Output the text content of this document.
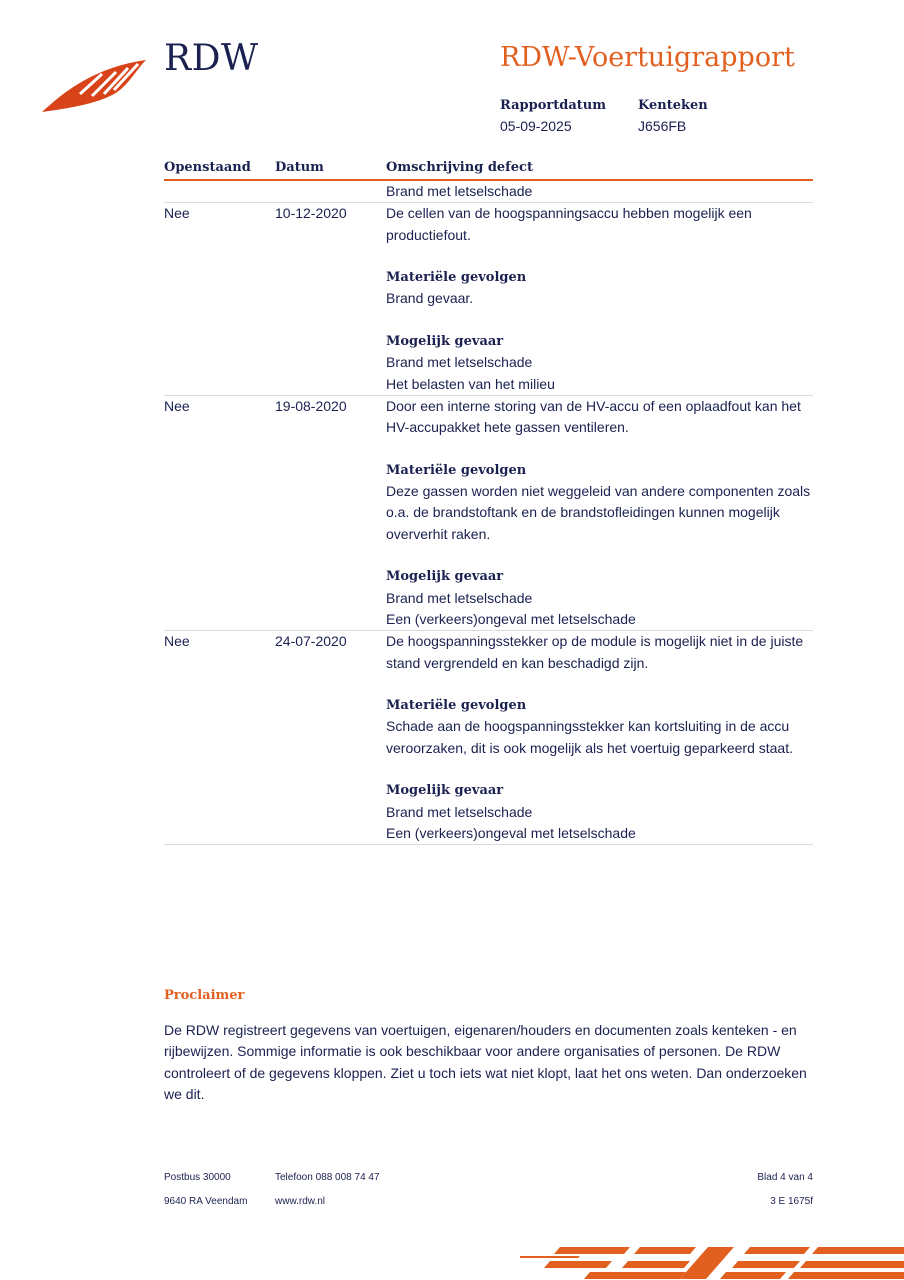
RDW	RDW-Voertuigrapport
Rapportdatum
05-09-2025
Kenteken
J656FB
Openstaand Datum	Omschrijving defect
Brand met letselschade
Nee	10-12-2020	De cellen van de hoogspanningsaccu hebben mogelijk een
productiefout.
Materiële gevolgen
Brand gevaar.
Mogelijk gevaar
Brand met letselschade
Het belasten van het milieu
Nee	19-08-2020	Door een interne storing van de HV-accu of een oplaadfout kan het
HV-accupakket hete gassen ventileren.
Materiële gevolgen
Deze gassen worden niet weggeleid van andere componenten zoals
o.a. de brandstoftank en de brandstofleidingen kunnen mogelijk
oververhit raken.
Mogelijk gevaar
Brand met letselschade
Een (verkeers)ongeval met letselschade
Nee	24-07-2020	De hoogspanningsstekker op de module is mogelijk niet in de juiste
stand vergrendeld en kan beschadigd zijn.
Materiële gevolgen
Schade aan de hoogspanningsstekker kan kortsluiting in de accu
veroorzaken, dit is ook mogelijk als het voertuig geparkeerd staat.
Mogelijk gevaar
Brand met letselschade
Een (verkeers)ongeval met letselschade
Proclaimer

De RDW registreert gegevens van voertuigen, eigenaren/houders en documenten zoals kenteken - en
rijbewijzen. Sommige informatie is ook beschikbaar voor andere organisaties of personen. De RDW
controleert of de gegevens kloppen. Ziet u toch iets wat niet klopt, laat het ons weten. Dan onderzoeken
we dit.

Postbus 30000
9640 RA Veendam
Telefoon 088 008 74 47
www.rdw.nl
Blad 4 van 4
3 E 1675f
